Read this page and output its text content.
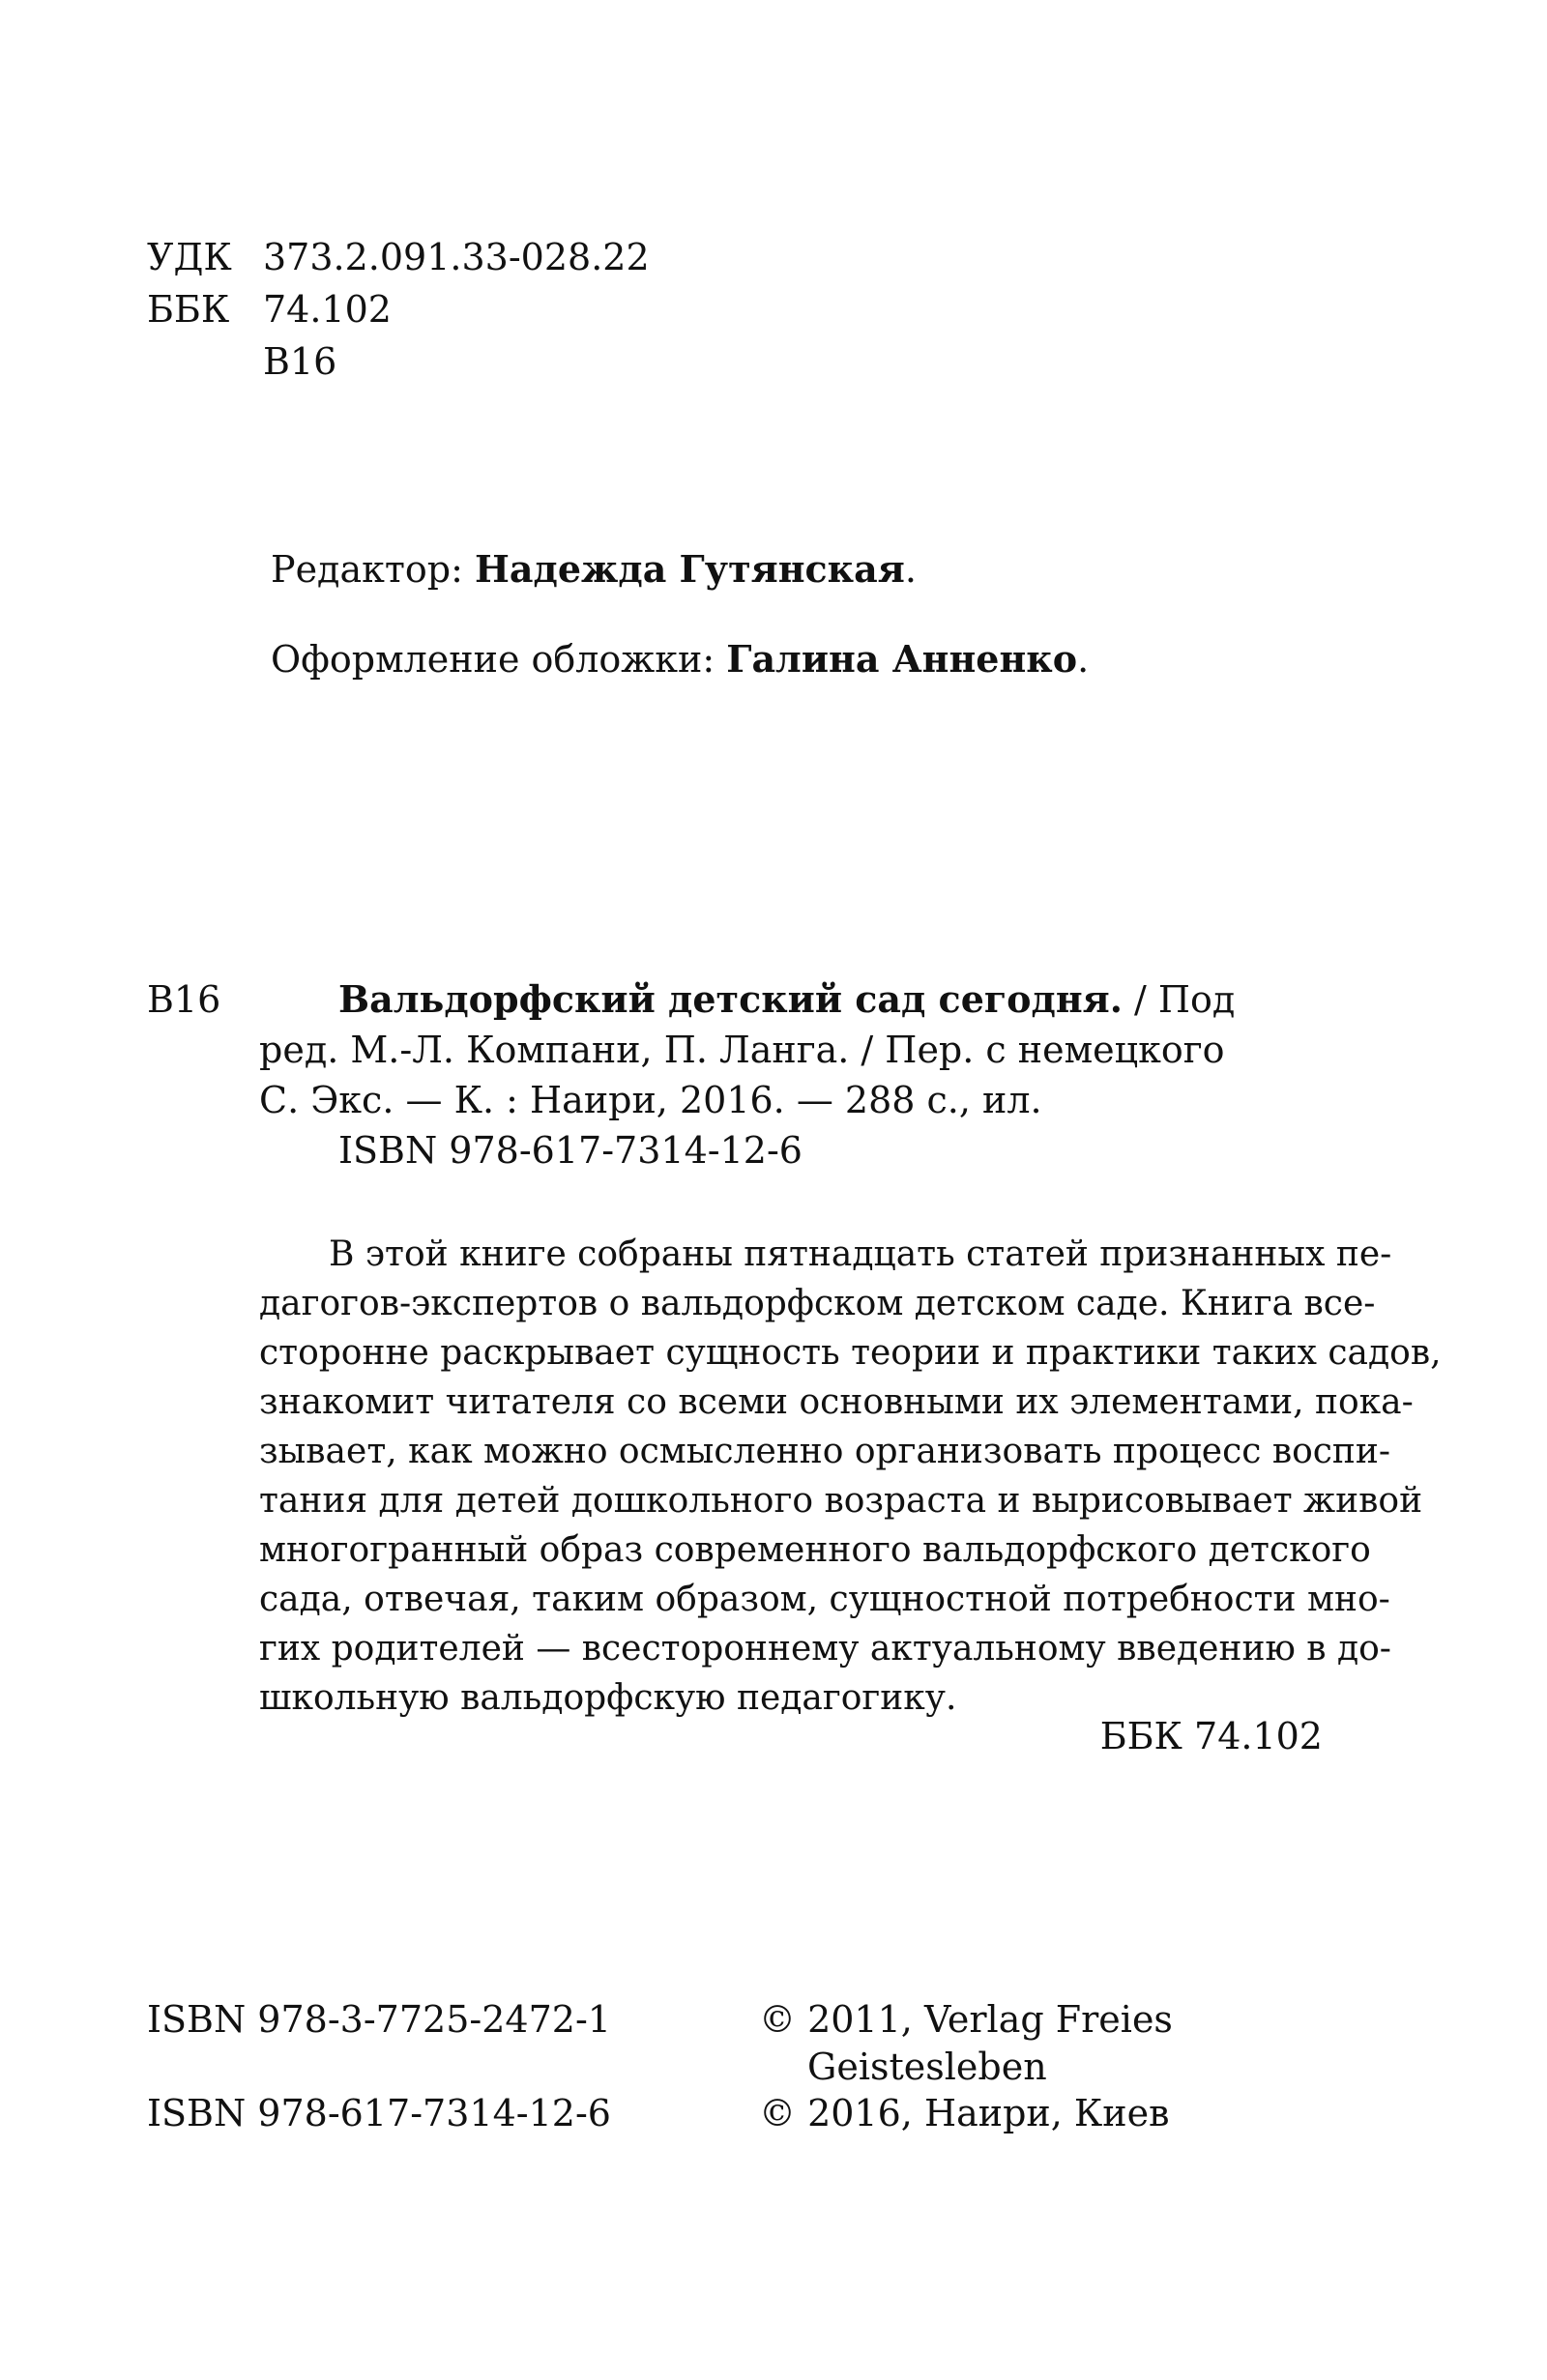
УДК 373.2.091.33-028.22
ББК 74.102
В16
Редактор: Надежда Гутянская.
Оформление обложки: Галина Анненко.
В16	Вальдорфский детский сад сегодня. / Под
ред. М.-Л. Компани, П. Ланга. / Пер. с немецкого
С. Экс. — К. : Наири, 2016. — 288 с., ил.
ISBN 978-617-7314-12-6
В этой книге собраны пятнадцать статей признанных пе-
дагогов-экспертов о вальдорфском детском саде. Книга все-
сторонне раскрывает сущность теории и практики таких садов,
знакомит читателя со всеми основными их элементами, пока-
зывает, как можно осмысленно организовать процесс воспи-
тания для детей дошкольного возраста и вырисовывает живой
многогранный образ современного вальдорфского детского
сада, отвечая, таким образом, сущностной потребности мно-
гих родителей — всестороннему актуальному введению в до-
школьную вальдорфскую педагогику.
ББК 74.102
ISBN 978-3-7725-2472-1	© 2011, Verlag Freies
Geistesleben
ISBN 978-617-7314-12-6	© 2016, Наири, Киев
